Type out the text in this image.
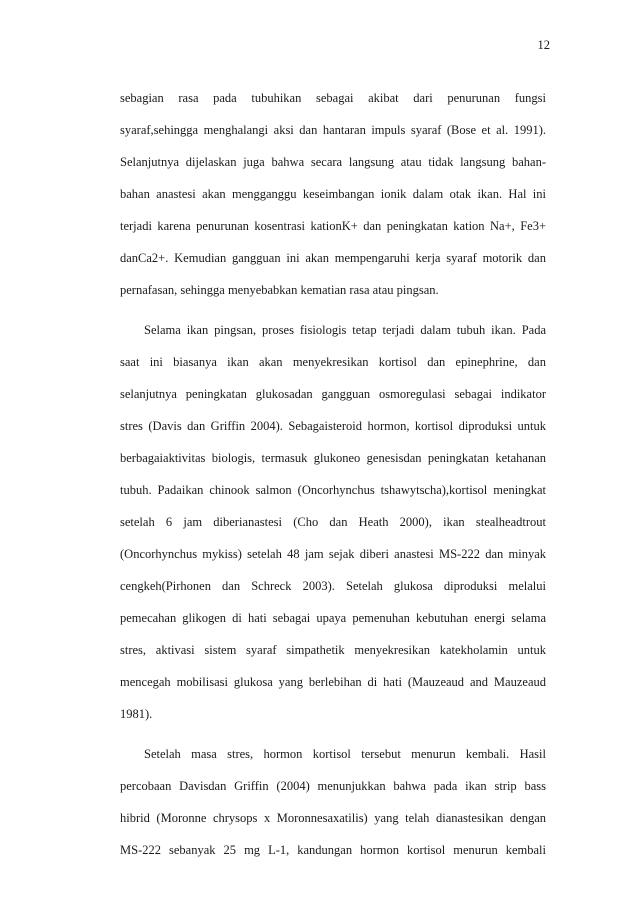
12
sebagian rasa pada tubuhikan sebagai akibat dari penurunan fungsi
syaraf,sehingga menghalangi aksi dan hantaran impuls syaraf (Bose et al. 1991).
Selanjutnya dijelaskan juga bahwa secara langsung atau tidak langsung bahan-
bahan anastesi akan mengganggu keseimbangan ionik dalam otak ikan. Hal ini
terjadi karena penurunan kosentrasi kationK+ dan peningkatan kation Na+, Fe3+
danCa2+. Kemudian gangguan ini akan mempengaruhi kerja syaraf motorik dan
pernafasan, sehingga menyebabkan kematian rasa atau pingsan.
Selama ikan pingsan, proses fisiologis tetap terjadi dalam tubuh ikan. Pada
saat ini biasanya ikan akan menyekresikan kortisol dan epinephrine, dan
selanjutnya peningkatan glukosadan gangguan osmoregulasi sebagai indikator
stres (Davis dan Griffin 2004). Sebagaisteroid hormon, kortisol diproduksi untuk
berbagaiaktivitas biologis, termasuk glukoneo genesisdan peningkatan ketahanan
tubuh. Padaikan chinook salmon (Oncorhynchus tshawytscha),kortisol meningkat
setelah 6 jam diberianastesi (Cho dan Heath 2000), ikan stealheadtrout
(Oncorhynchus mykiss) setelah 48 jam sejak diberi anastesi MS-222 dan minyak
cengkeh(Pirhonen dan Schreck 2003). Setelah glukosa diproduksi melalui
pemecahan glikogen di hati sebagai upaya pemenuhan kebutuhan energi selama
stres, aktivasi sistem syaraf simpathetik menyekresikan katekholamin untuk
mencegah mobilisasi glukosa yang berlebihan di hati (Mauzeaud and Mauzeaud
1981).
Setelah masa stres, hormon kortisol tersebut menurun kembali. Hasil
percobaan Davisdan Griffin (2004) menunjukkan bahwa pada ikan strip bass
hibrid (Moronne chrysops x Moronnesaxatilis) yang telah dianastesikan dengan
MS-222 sebanyak 25 mg L-1, kandungan hormon kortisol menurun kembali
